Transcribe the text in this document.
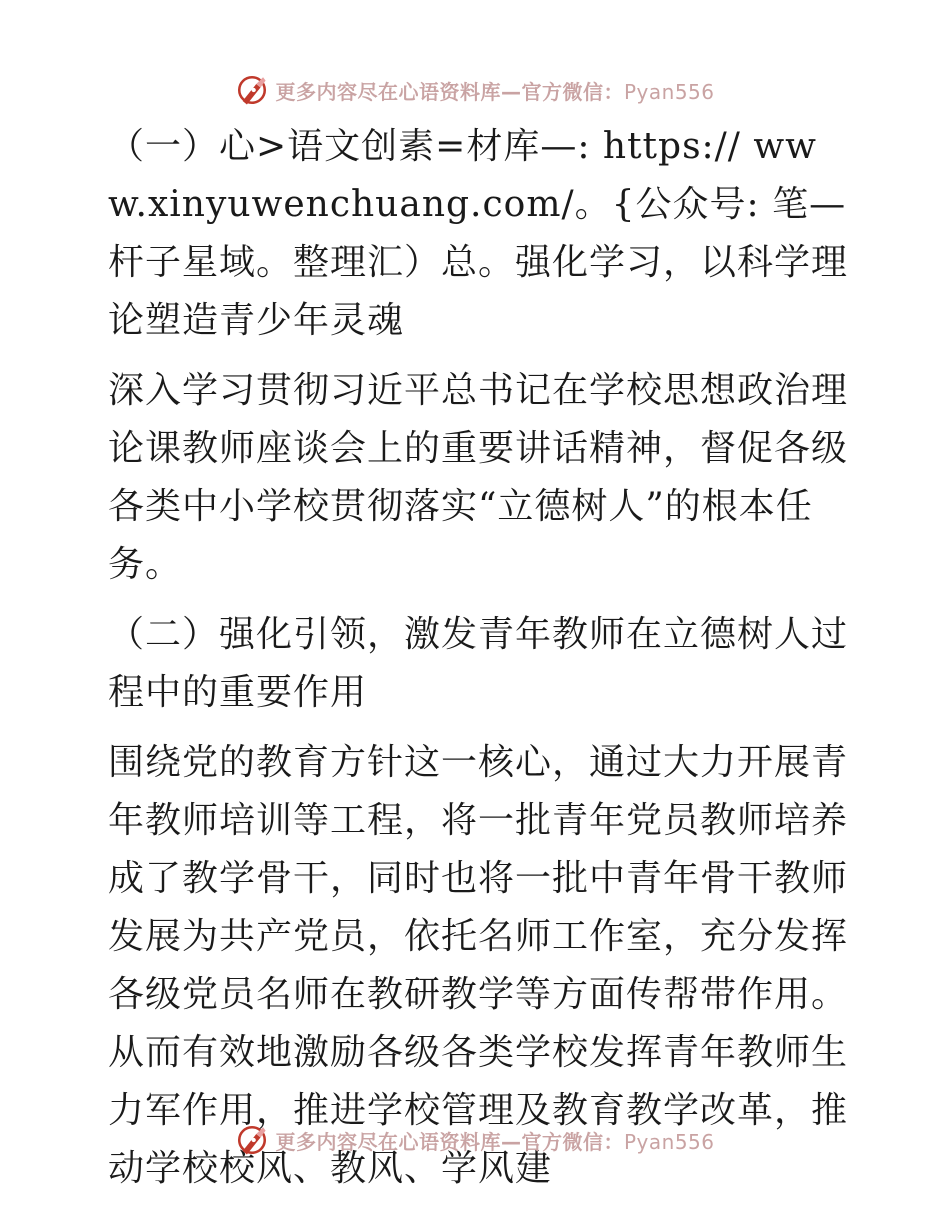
更多内容尽在心语资料库—官方微信：Pyan556

（一）心>语文创素=材库—: https:// www.xinyuwenchuang.com/。{公众号: 笔—杆子星域。整理汇）总。强化学习，以科学理论塑造青少年灵魂

深入学习贯彻习近平总书记在学校思想政治理论课教师座谈会上的重要讲话精神，督促各级各类中小学校贯彻落实“立德树人”的根本任务。

（二）强化引领，激发青年教师在立德树人过程中的重要作用

围绕党的教育方针这一核心，通过大力开展青年教师培训等工程，将一批青年党员教师培养成了教学骨干，同时也将一批中青年骨干教师发展为共产党员，依托名师工作室，充分发挥各级党员名师在教研教学等方面传帮带作用。从而有效地激励各级各类学校发挥青年教师生力军作用，推进学校管理及教育教学改革，推动学校校风、教风、学风建

更多内容尽在心语资料库—官方微信：Pyan556
